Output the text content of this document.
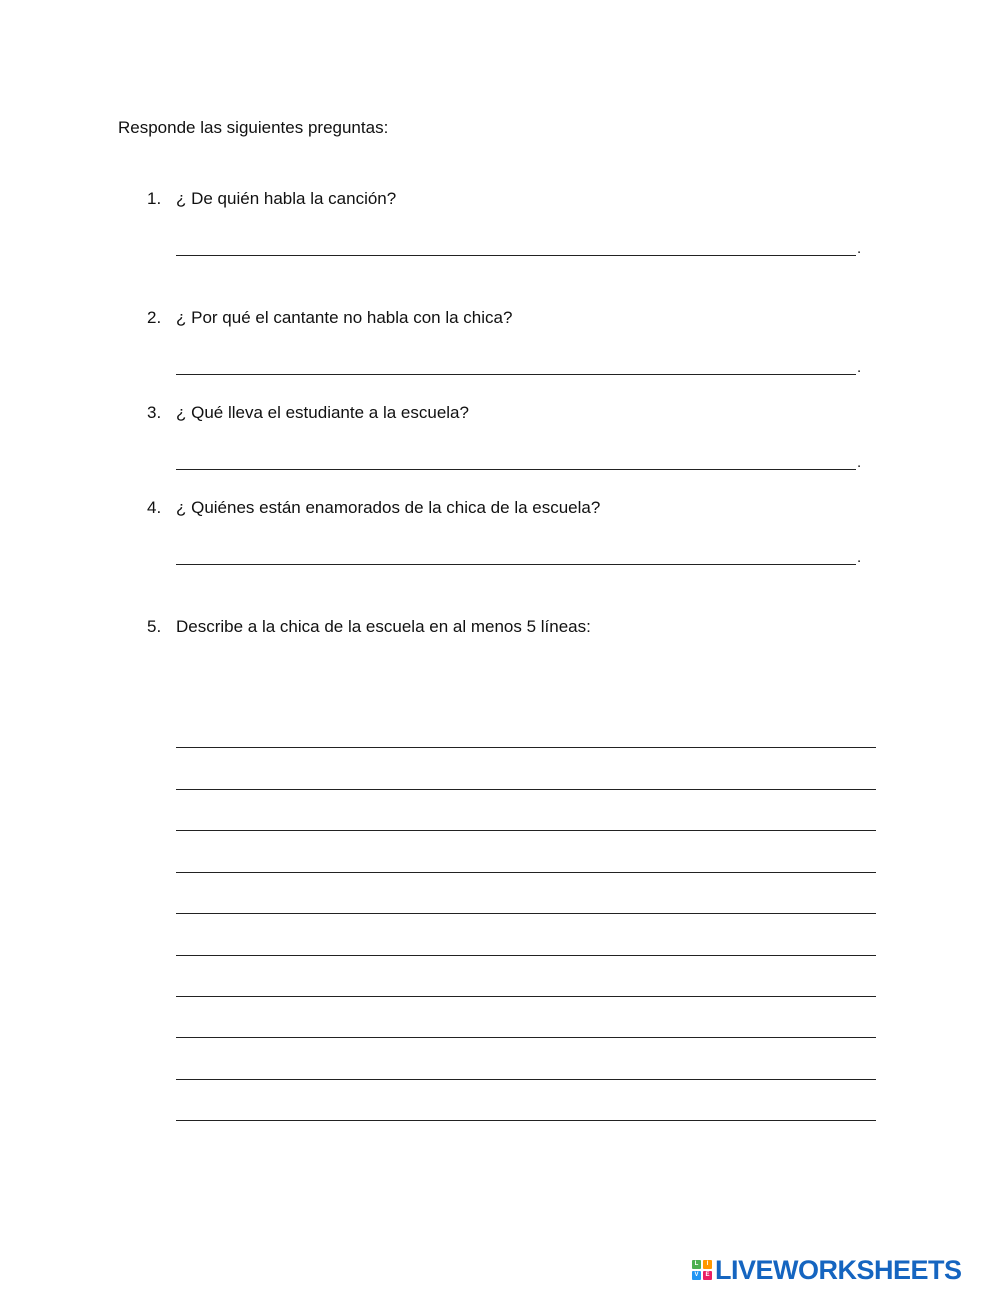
Responde las siguientes preguntas:

1. ¿ De quién habla la canción?
.
2. ¿ Por qué el cantante no habla con la chica?
.
3. ¿ Qué lleva el estudiante a la escuela?
.
4. ¿ Quiénes están enamorados de la chica de la escuela?
.
5. Describe a la chica de la escuela en al menos 5 líneas:
L	I
V	E LIVEWORKSHEETS
